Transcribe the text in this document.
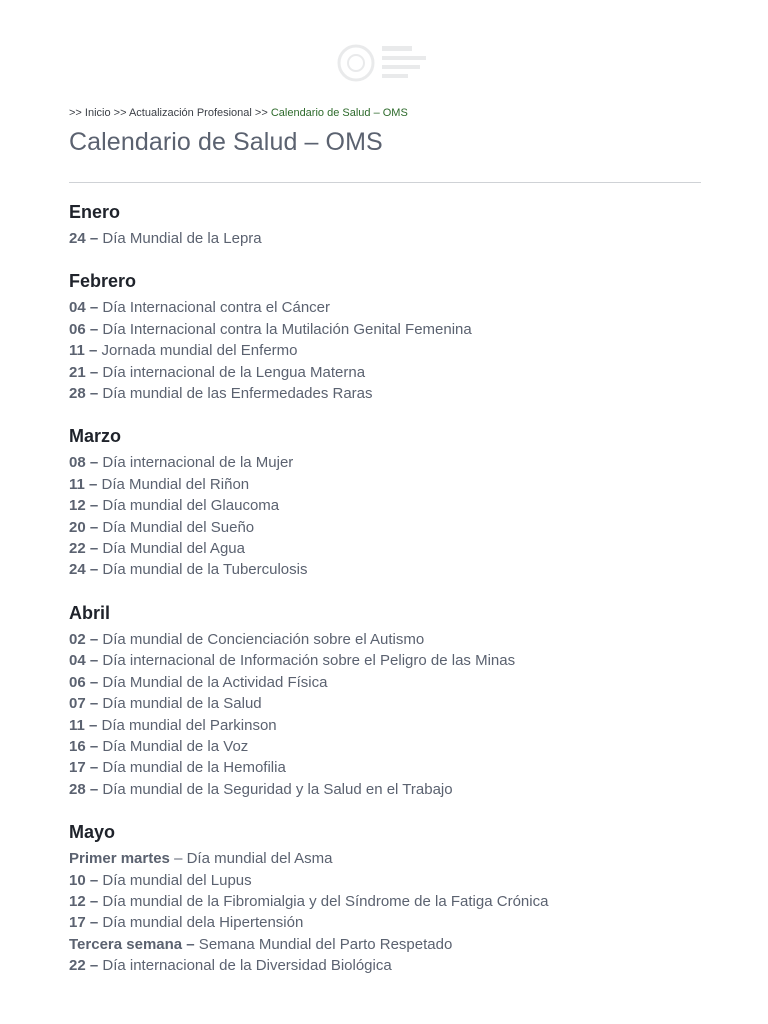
>> Inicio >> Actualización Profesional >> Calendario de Salud – OMS
Calendario de Salud – OMS
Enero
24 – Día Mundial de la Lepra
Febrero
04 – Día Internacional contra el Cáncer
06 – Día Internacional contra la Mutilación Genital Femenina
11 – Jornada mundial del Enfermo
21 – Día internacional de la Lengua Materna
28 – Día mundial de las Enfermedades Raras
Marzo
08 – Día internacional de la Mujer
11 – Día Mundial del Riñon
12 – Día mundial del Glaucoma
20 – Día Mundial del Sueño
22 – Día Mundial del Agua
24 – Día mundial de la Tuberculosis
Abril
02 – Día mundial de Concienciación sobre el Autismo
04 – Día internacional de Información sobre el Peligro de las Minas
06 – Día Mundial de la Actividad Física
07 – Día mundial de la Salud
11 – Día mundial del Parkinson
16 – Día Mundial de la Voz
17 – Día mundial de la Hemofilia
28 – Día mundial de la Seguridad y la Salud en el Trabajo
Mayo
Primer martes – Día mundial del Asma
10 – Día mundial del Lupus
12 – Día mundial de la Fibromialgia y del Síndrome de la Fatiga Crónica
17 – Día mundial dela Hipertensión
Tercera semana – Semana Mundial del Parto Respetado
22 – Día internacional de la Diversidad Biológica
